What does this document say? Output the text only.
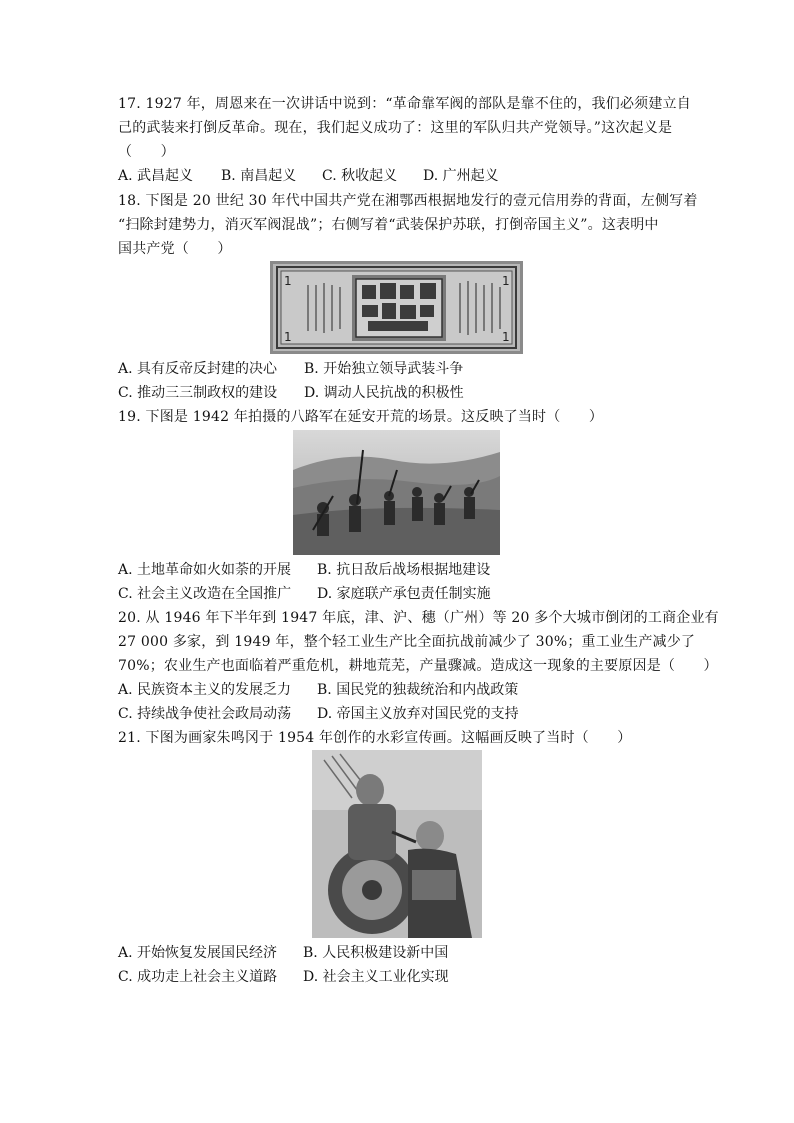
17. 1927 年，周恩来在一次讲话中说到：“革命靠军阀的部队是靠不住的，我们必须建立自
己的武装来打倒反革命。现在，我们起义成功了：这里的军队归共产党领导。”这次起义是
（　　）
A. 武昌起义 B. 南昌起义 C. 秋收起义 D. 广州起义
18. 下图是 20 世纪 30 年代中国共产党在湘鄂西根据地发行的壹元信用券的背面，左侧写着
“扫除封建势力，消灭军阀混战”；右侧写着“武装保护苏联，打倒帝国主义”。这表明中
国共产党（　　）
1	1
1	1
A. 具有反帝反封建的决心 B. 开始独立领导武装斗争
C. 推动三三制政权的建设 D. 调动人民抗战的积极性
19. 下图是 1942 年拍摄的八路军在延安开荒的场景。这反映了当时（　　）
A. 土地革命如火如荼的开展 B. 抗日敌后战场根据地建设
C. 社会主义改造在全国推广 D. 家庭联产承包责任制实施
20. 从 1946 年下半年到 1947 年底，津、沪、穗（广州）等 20 多个大城市倒闭的工商企业有
27 000 多家，到 1949 年，整个轻工业生产比全面抗战前减少了 30%；重工业生产减少了
70%；农业生产也面临着严重危机，耕地荒芜，产量骤减。造成这一现象的主要原因是（　　）
A. 民族资本主义的发展乏力 B. 国民党的独裁统治和内战政策
C. 持续战争使社会政局动荡 D. 帝国主义放弃对国民党的支持
21. 下图为画家朱鸣冈于 1954 年创作的水彩宣传画。这幅画反映了当时（　　）
A. 开始恢复发展国民经济 B. 人民积极建设新中国
C. 成功走上社会主义道路 D. 社会主义工业化实现
